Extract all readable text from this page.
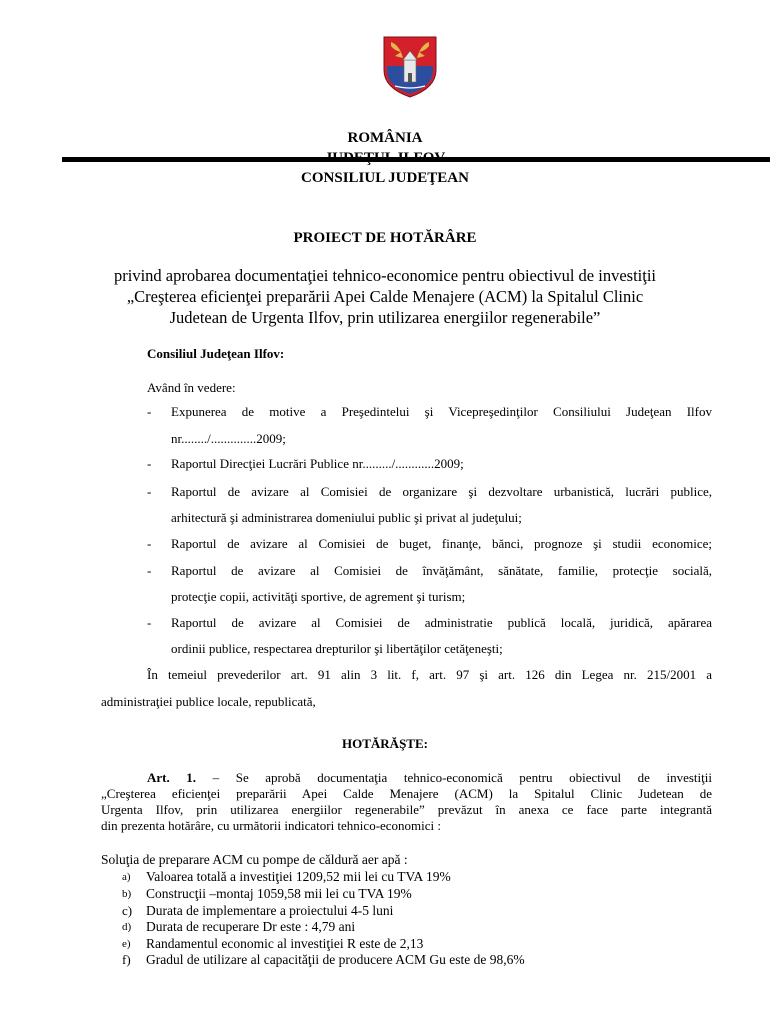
ROMÂNIA
CONSILIUL JUDEŢEAN
PROIECT DE HOTĂRÂRE
privind aprobarea documentaţiei tehnico-economice pentru obiectivul de investiţii
„Creşterea eficienţei preparării Apei Calde Menajere (ACM) la Spitalul Clinic
Judetean de Urgenta Ilfov, prin utilizarea energiilor regenerabile”
Consiliul Judeţean Ilfov:
Având în vedere:
- Expunerea de motive a Preşedintelui şi Vicepreşedinţilor Consiliului Judeţean Ilfov
nr......../..............2009;
- Raportul Direcţiei Lucrări Publice nr........./............2009;
- Raportul de avizare al Comisiei de organizare şi dezvoltare urbanistică, lucrări publice,
arhitectură şi administrarea domeniului public şi privat al judeţului;
- Raportul de avizare al Comisiei de buget, finanţe, bănci, prognoze şi studii economice;
- Raportul de avizare al Comisiei de învăţământ, sănătate, familie, protecţie socială,
protecţie copii, activităţi sportive, de agrement şi turism;
- Raportul de avizare al Comisiei de administratie publică locală, juridică, apărarea
ordinii publice, respectarea drepturilor şi libertăţilor cetăţeneşti;
În temeiul prevederilor art. 91 alin 3 lit. f, art. 97 şi art. 126 din Legea nr. 215/2001 a
administraţiei publice locale, republicată,
HOTĂRĂŞTE:
Art. 1. – Se aprobă documentaţia tehnico-economică pentru obiectivul de investiţii
„Creşterea eficienţei preparării Apei Calde Menajere (ACM) la Spitalul Clinic Judetean de
Urgenta Ilfov, prin utilizarea energiilor regenerabile” prevăzut în anexa ce face parte integrantă
din prezenta hotărâre, cu următorii indicatori tehnico-economici :
Soluţia de preparare ACM cu pompe de căldură aer apă :
a) Valoarea totală a investiţiei 1209,52 mii lei cu TVA 19%
b) Construcţii –montaj 1059,58 mii lei cu TVA 19%
c) Durata de implementare a proiectului 4-5 luni
d) Durata de recuperare Dr este : 4,79 ani
e) Randamentul economic al investiţiei R este de 2,13
f) Gradul de utilizare al capacităţii de producere ACM Gu este de 98,6%
